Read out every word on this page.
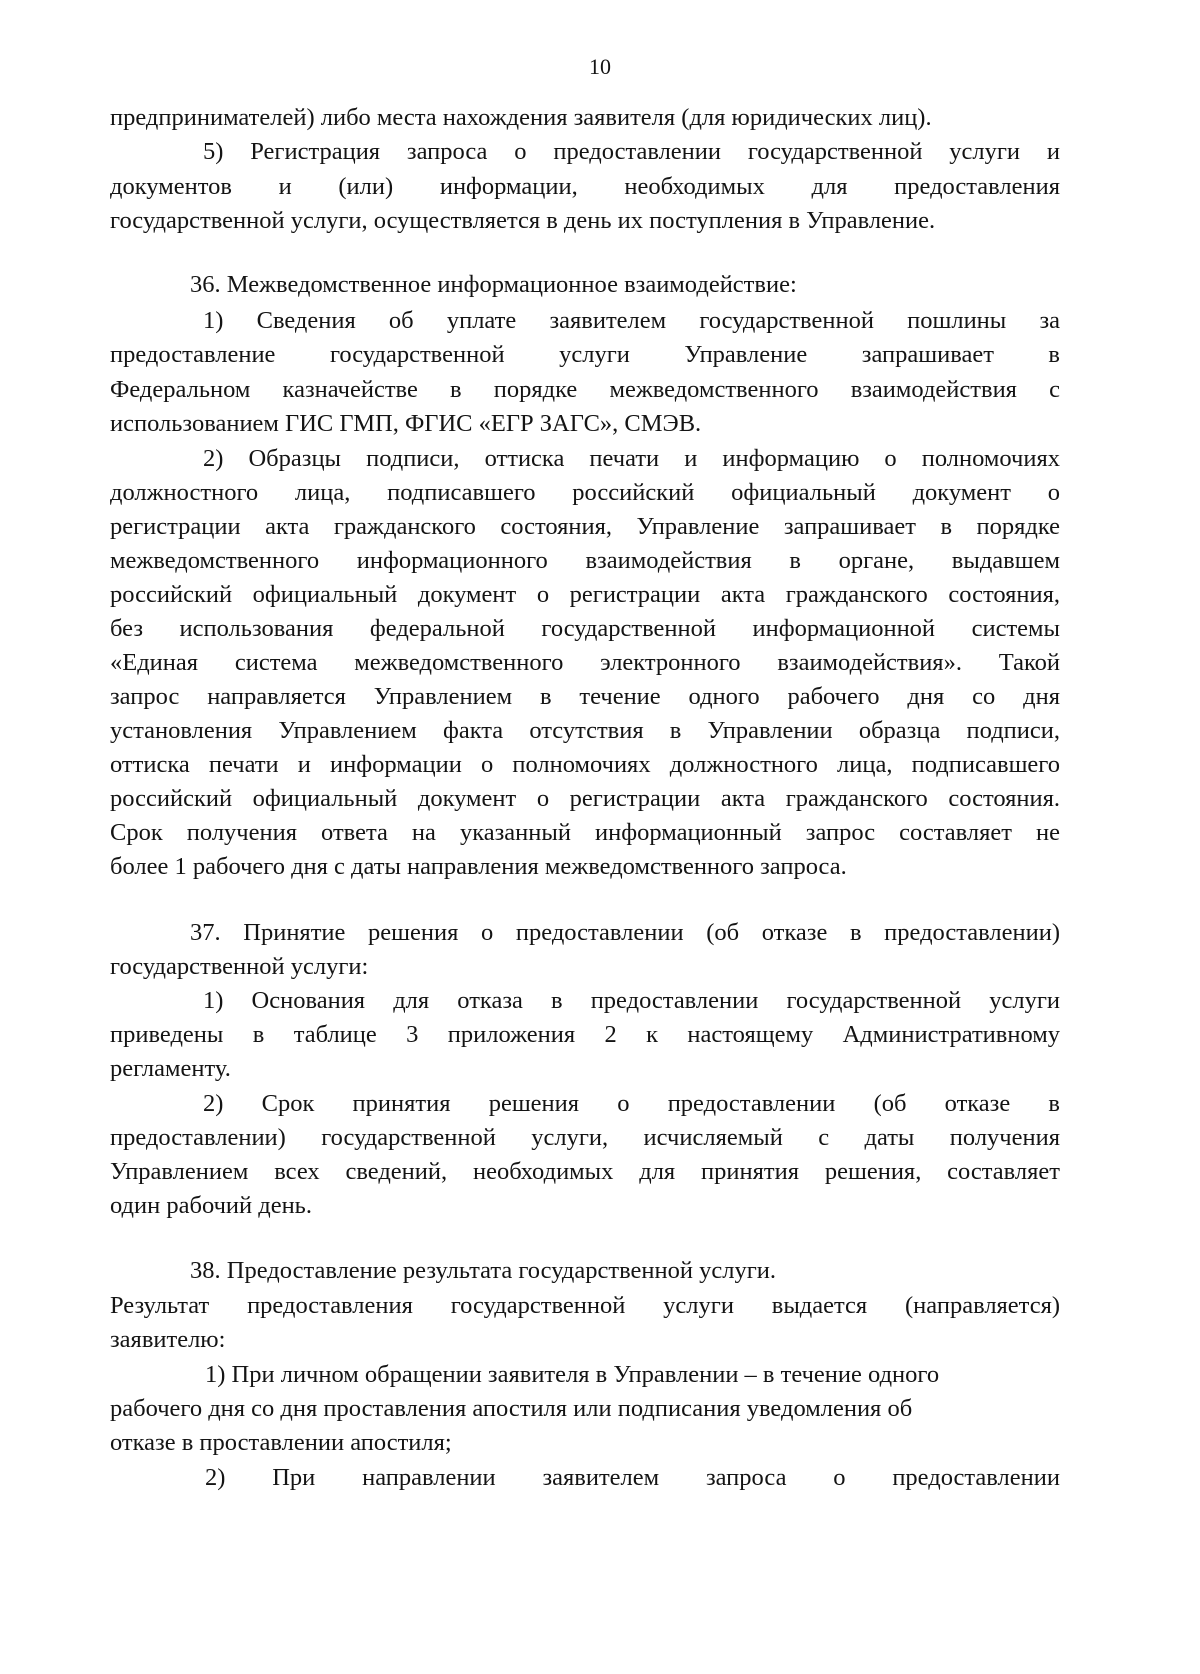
10
предпринимателей) либо места нахождения заявителя (для юридических лиц).
5) Регистрация запроса о предоставлении государственной услуги и
документов и (или) информации, необходимых для предоставления
государственной услуги, осуществляется в день их поступления в Управление.
36. Межведомственное информационное взаимодействие:
1) Сведения об уплате заявителем государственной пошлины за
предоставление государственной услуги Управление запрашивает в
Федеральном казначействе в порядке межведомственного взаимодействия с
использованием ГИС ГМП, ФГИС «ЕГР ЗАГС», СМЭВ.
2) Образцы подписи, оттиска печати и информацию о полномочиях
должностного лица, подписавшего российский официальный документ о
регистрации акта гражданского состояния, Управление запрашивает в порядке
межведомственного информационного взаимодействия в органе, выдавшем
российский официальный документ о регистрации акта гражданского состояния,
без использования федеральной государственной информационной системы
«Единая система межведомственного электронного взаимодействия». Такой
запрос направляется Управлением в течение одного рабочего дня со дня
установления Управлением факта отсутствия в Управлении образца подписи,
оттиска печати и информации о полномочиях должностного лица, подписавшего
российский официальный документ о регистрации акта гражданского состояния.
Срок получения ответа на указанный информационный запрос составляет не
более 1 рабочего дня с даты направления межведомственного запроса.
37. Принятие решения о предоставлении (об отказе в предоставлении)
государственной услуги:
1) Основания для отказа в предоставлении государственной услуги
приведены в таблице 3 приложения 2 к настоящему Административному
регламенту.
2) Срок принятия решения о предоставлении (об отказе в
предоставлении) государственной услуги, исчисляемый с даты получения
Управлением всех сведений, необходимых для принятия решения, составляет
один рабочий день.
38. Предоставление результата государственной услуги.
Результат предоставления государственной услуги выдается (направляется)
заявителю:
1) При личном обращении заявителя в Управлении – в течение одного
рабочего дня со дня проставления апостиля или подписания уведомления об
отказе в проставлении апостиля;
2) При направлении заявителем запроса о предоставлении
